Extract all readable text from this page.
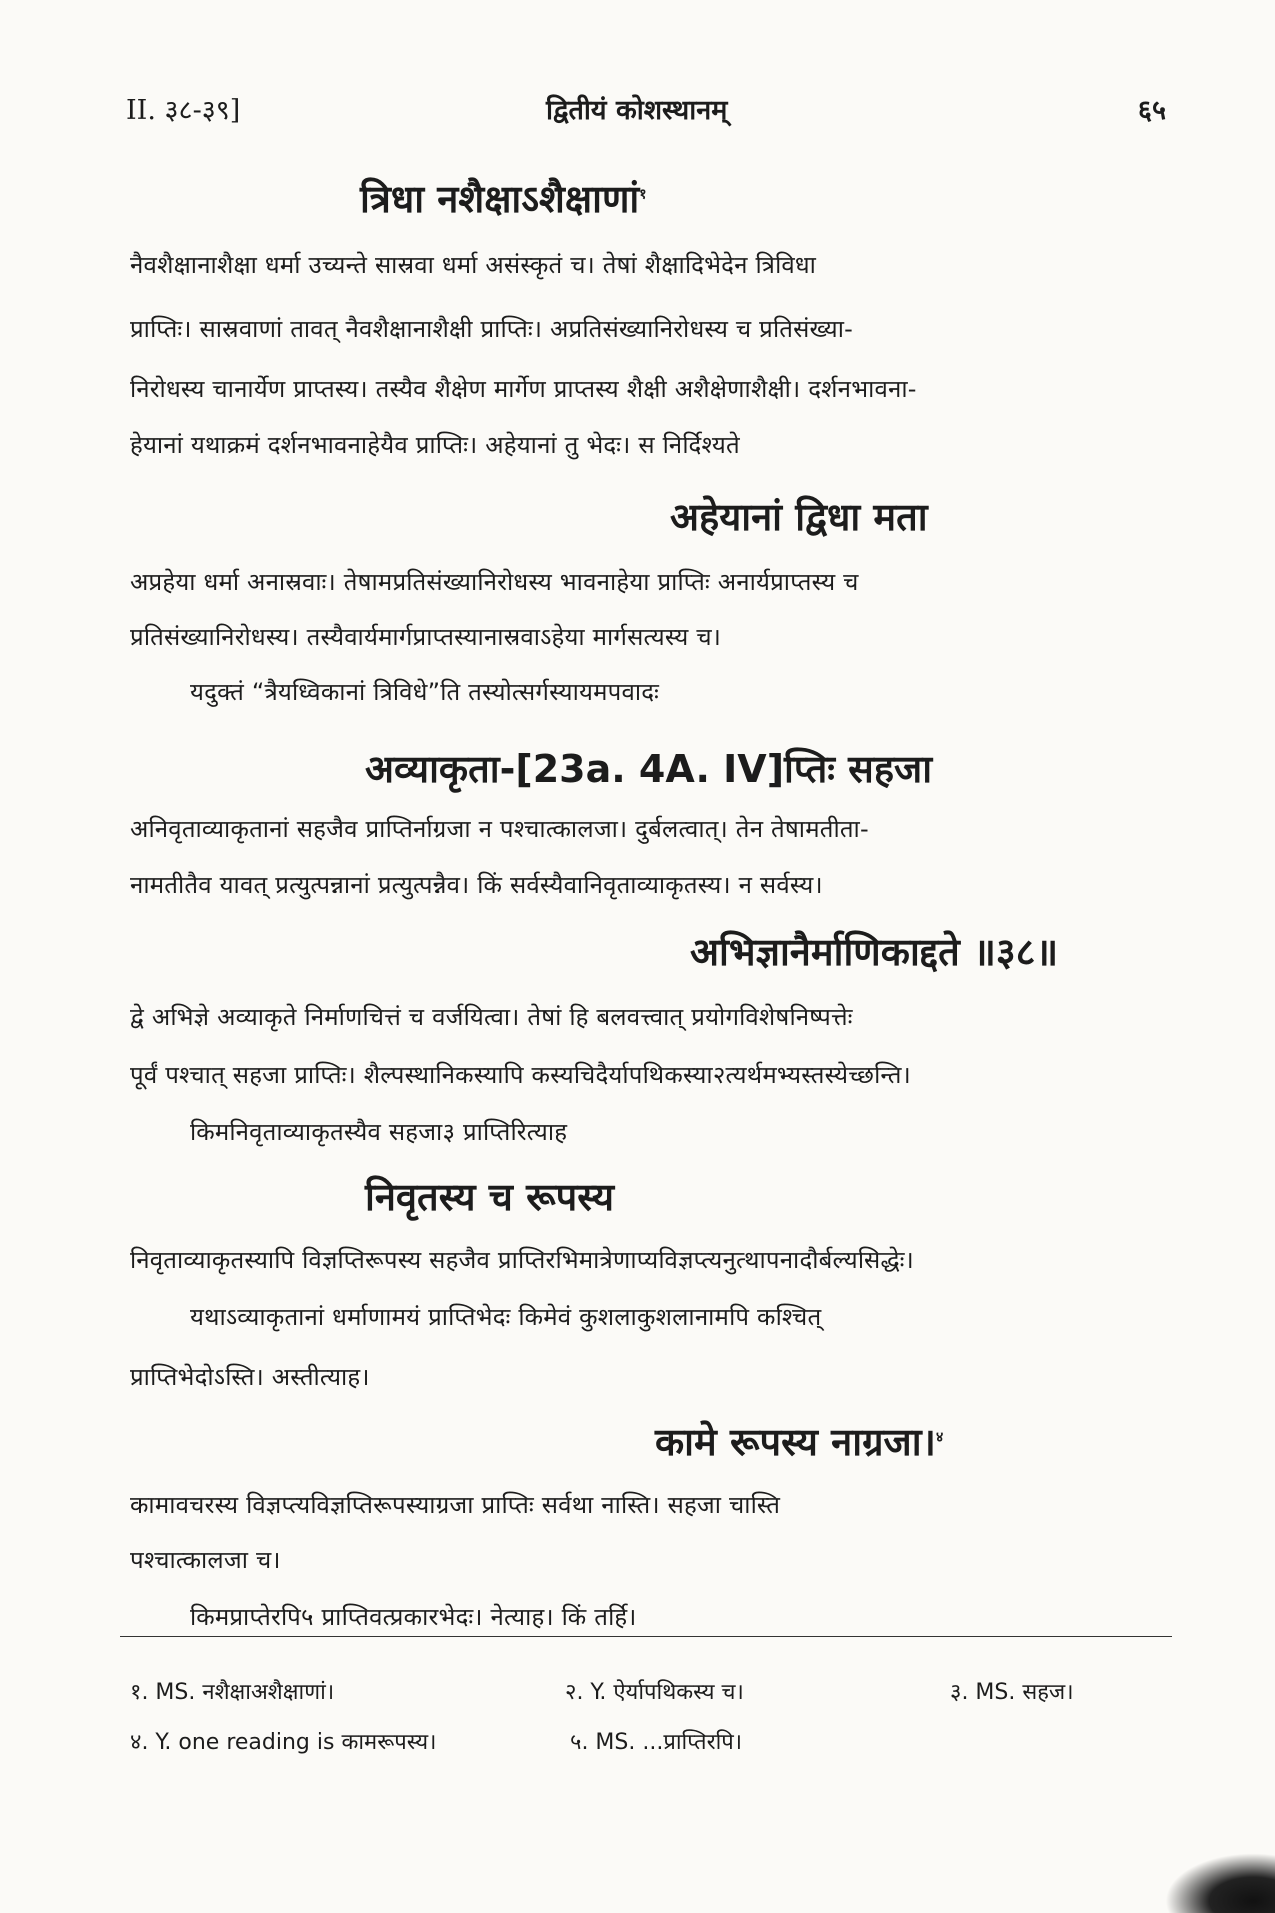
II. ३८-३९]	द्वितीयं कोशस्थानम्	६५
त्रिधा नशैक्षाऽशैक्षाणां$^१$
नैवशैक्षानाशैक्षा धर्मा उच्यन्ते सास्रवा धर्मा असंस्कृतं च। तेषां शैक्षादिभेदेन त्रिविधा
प्राप्तिः। सास्रवाणां तावत् नैवशैक्षानाशैक्षी प्राप्तिः। अप्रतिसंख्यानिरोधस्य च प्रतिसंख्या-
निरोधस्य चानार्येण प्राप्तस्य। तस्यैव शैक्षेण मार्गेण प्राप्तस्य शैक्षी अशैक्षेणाशैक्षी। दर्शनभावना-
हेयानां यथाक्रमं दर्शनभावनाहेयैव प्राप्तिः। अहेयानां तु भेदः। स निर्दिश्यते
अहेयानां द्विधा मता
अप्रहेया धर्मा अनास्रवाः। तेषामप्रतिसंख्यानिरोधस्य भावनाहेया प्राप्तिः अनार्यप्राप्तस्य च
प्रतिसंख्यानिरोधस्य। तस्यैवार्यमार्गप्राप्तस्यानास्रवाऽहेया मार्गसत्यस्य च।
यदुक्तं “त्रैयध्विकानां त्रिविधे”ति तस्योत्सर्गस्यायमपवादः
अव्याकृता-[23a. 4A. IV]प्तिः सहजा
अनिवृताव्याकृतानां सहजैव प्राप्तिर्नाग्रजा न पश्चात्कालजा। दुर्बलत्वात्। तेन तेषामतीता-
नामतीतैव यावत् प्रत्युत्पन्नानां प्रत्युत्पन्नैव। किं सर्वस्यैवानिवृताव्याकृतस्य। न सर्वस्य।
अभिज्ञानैर्माणिकाद्दते ॥३८॥
द्वे अभिज्ञे अव्याकृते निर्माणचित्तं च वर्जयित्वा। तेषां हि बलवत्त्वात् प्रयोगविशेषनिष्पत्तेः
पूर्वं पश्चात् सहजा प्राप्तिः। शैल्पस्थानिकस्यापि कस्यचिदैर्यापथिकस्या२त्यर्थमभ्यस्तस्येच्छन्ति।
किमनिवृताव्याकृतस्यैव सहजा३ प्राप्तिरित्याह
निवृतस्य च रूपस्य
निवृताव्याकृतस्यापि विज्ञप्तिरूपस्य सहजैव प्राप्तिरभिमात्रेणाप्यविज्ञप्त्यनुत्थापनादौर्बल्यसिद्धेः।
यथाऽव्याकृतानां धर्माणामयं प्राप्तिभेदः किमेवं कुशलाकुशलानामपि कश्चित्
प्राप्तिभेदोऽस्ति। अस्तीत्याह।
कामे रूपस्य नाग्रजा।$^४$
कामावचरस्य विज्ञप्त्यविज्ञप्तिरूपस्याग्रजा प्राप्तिः सर्वथा नास्ति। सहजा चास्ति
पश्चात्कालजा च।
किमप्राप्तेरपि५ प्राप्तिवत्प्रकारभेदः। नेत्याह। किं तर्हि।
१. MS. नशैक्षाअशैक्षाणां।	२. Y. ऐर्यापथिकस्य च।	३. MS. सहज।
४. Y. one reading is कामरूपस्य।	५. MS. ...प्राप्तिरपि।
